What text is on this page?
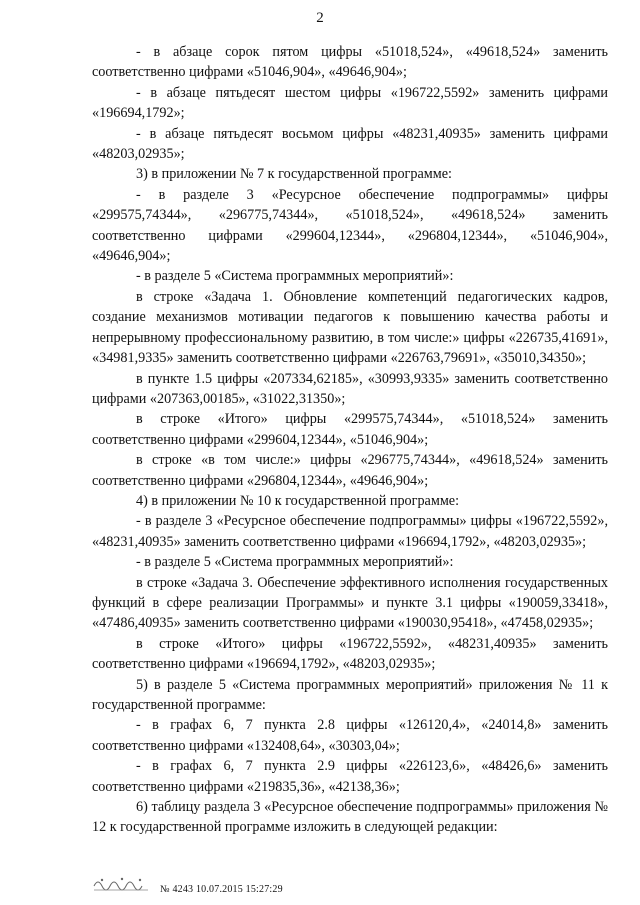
2

- в абзаце сорок пятом цифры «51018,524», «49618,524» заменить соответственно цифрами «51046,904», «49646,904»;

- в абзаце пятьдесят шестом цифры «196722,5592» заменить цифрами «196694,1792»;

- в абзаце пятьдесят восьмом цифры «48231,40935» заменить цифрами «48203,02935»;

3) в приложении № 7 к государственной программе:

- в разделе 3 «Ресурсное обеспечение подпрограммы» цифры «299575,74344», «296775,74344», «51018,524», «49618,524» заменить соответственно цифрами «299604,12344», «296804,12344», «51046,904», «49646,904»;

- в разделе 5 «Система программных мероприятий»:

в строке «Задача 1. Обновление компетенций педагогических кадров, создание механизмов мотивации педагогов к повышению качества работы и непрерывному профессиональному развитию, в том числе:» цифры «226735,41691», «34981,9335» заменить соответственно цифрами «226763,79691», «35010,34350»;

в пункте 1.5 цифры «207334,62185», «30993,9335» заменить соответственно цифрами «207363,00185», «31022,31350»;

в строке «Итого» цифры «299575,74344», «51018,524» заменить соответственно цифрами «299604,12344», «51046,904»;

в строке «в том числе:» цифры «296775,74344», «49618,524» заменить соответственно цифрами «296804,12344», «49646,904»;

4) в приложении № 10 к государственной программе:

- в разделе 3 «Ресурсное обеспечение подпрограммы» цифры «196722,5592», «48231,40935» заменить соответственно цифрами «196694,1792», «48203,02935»;

- в разделе 5 «Система программных мероприятий»:

в строке «Задача 3. Обеспечение эффективного исполнения государственных функций в сфере реализации Программы» и пункте 3.1 цифры «190059,33418», «47486,40935» заменить соответственно цифрами «190030,95418», «47458,02935»;

в строке «Итого» цифры «196722,5592», «48231,40935» заменить соответственно цифрами «196694,1792», «48203,02935»;

5) в разделе 5 «Система программных мероприятий» приложения № 11 к государственной программе:

- в графах 6, 7 пункта 2.8 цифры «126120,4», «24014,8» заменить соответственно цифрами «132408,64», «30303,04»;

- в графах 6, 7 пункта 2.9 цифры «226123,6», «48426,6» заменить соответственно цифрами «219835,36», «42138,36»;

6) таблицу раздела 3 «Ресурсное обеспечение подпрограммы» приложения № 12 к государственной программе изложить в следующей редакции:

№ 4243 10.07.2015 15:27:29
